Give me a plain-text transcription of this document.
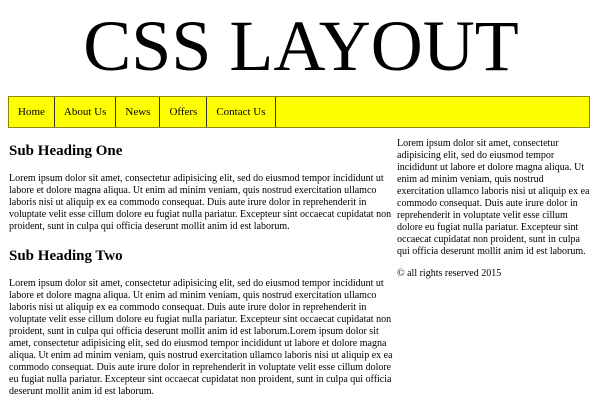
CSS LAYOUT
Home	About Us	News	Offers	Contact Us
Sub Heading One

Lorem ipsum dolor sit amet, consectetur adipisicing elit, sed do eiusmod tempor incididunt ut labore et dolore magna aliqua. Ut enim ad minim veniam, quis nostrud exercitation ullamco laboris nisi ut aliquip ex ea commodo consequat. Duis aute irure dolor in reprehenderit in voluptate velit esse cillum dolore eu fugiat nulla pariatur. Excepteur sint occaecat cupidatat non proident, sunt in culpa qui officia deserunt mollit anim id est laborum.

Sub Heading Two

Lorem ipsum dolor sit amet, consectetur adipisicing elit, sed do eiusmod tempor incididunt ut labore et dolore magna aliqua. Ut enim ad minim veniam, quis nostrud exercitation ullamco laboris nisi ut aliquip ex ea commodo consequat. Duis aute irure dolor in reprehenderit in voluptate velit esse cillum dolore eu fugiat nulla pariatur. Excepteur sint occaecat cupidatat non proident, sunt in culpa qui officia deserunt mollit anim id est laborum.Lorem ipsum dolor sit amet, consectetur adipisicing elit, sed do eiusmod tempor incididunt ut labore et dolore magna aliqua. Ut enim ad minim veniam, quis nostrud exercitation ullamco laboris nisi ut aliquip ex ea commodo consequat. Duis aute irure dolor in reprehenderit in voluptate velit esse cillum dolore eu fugiat nulla pariatur. Excepteur sint occaecat cupidatat non proident, sunt in culpa qui officia deserunt mollit anim id est laborum.

Lorem ipsum dolor sit amet, consectetur adipisicing elit, sed do eiusmod tempor incididunt ut labore et dolore magna aliqua. Ut enim ad minim veniam, quis nostrud exercitation ullamco laboris nisi ut aliquip ex ea commodo consequat. Duis aute irure dolor in reprehenderit in voluptate velit esse cillum dolore eu fugiat nulla pariatur. Excepteur sint occaecat cupidatat non proident, sunt in culpa qui officia deserunt mollit anim id est laborum.

© all rights reserved 2015
